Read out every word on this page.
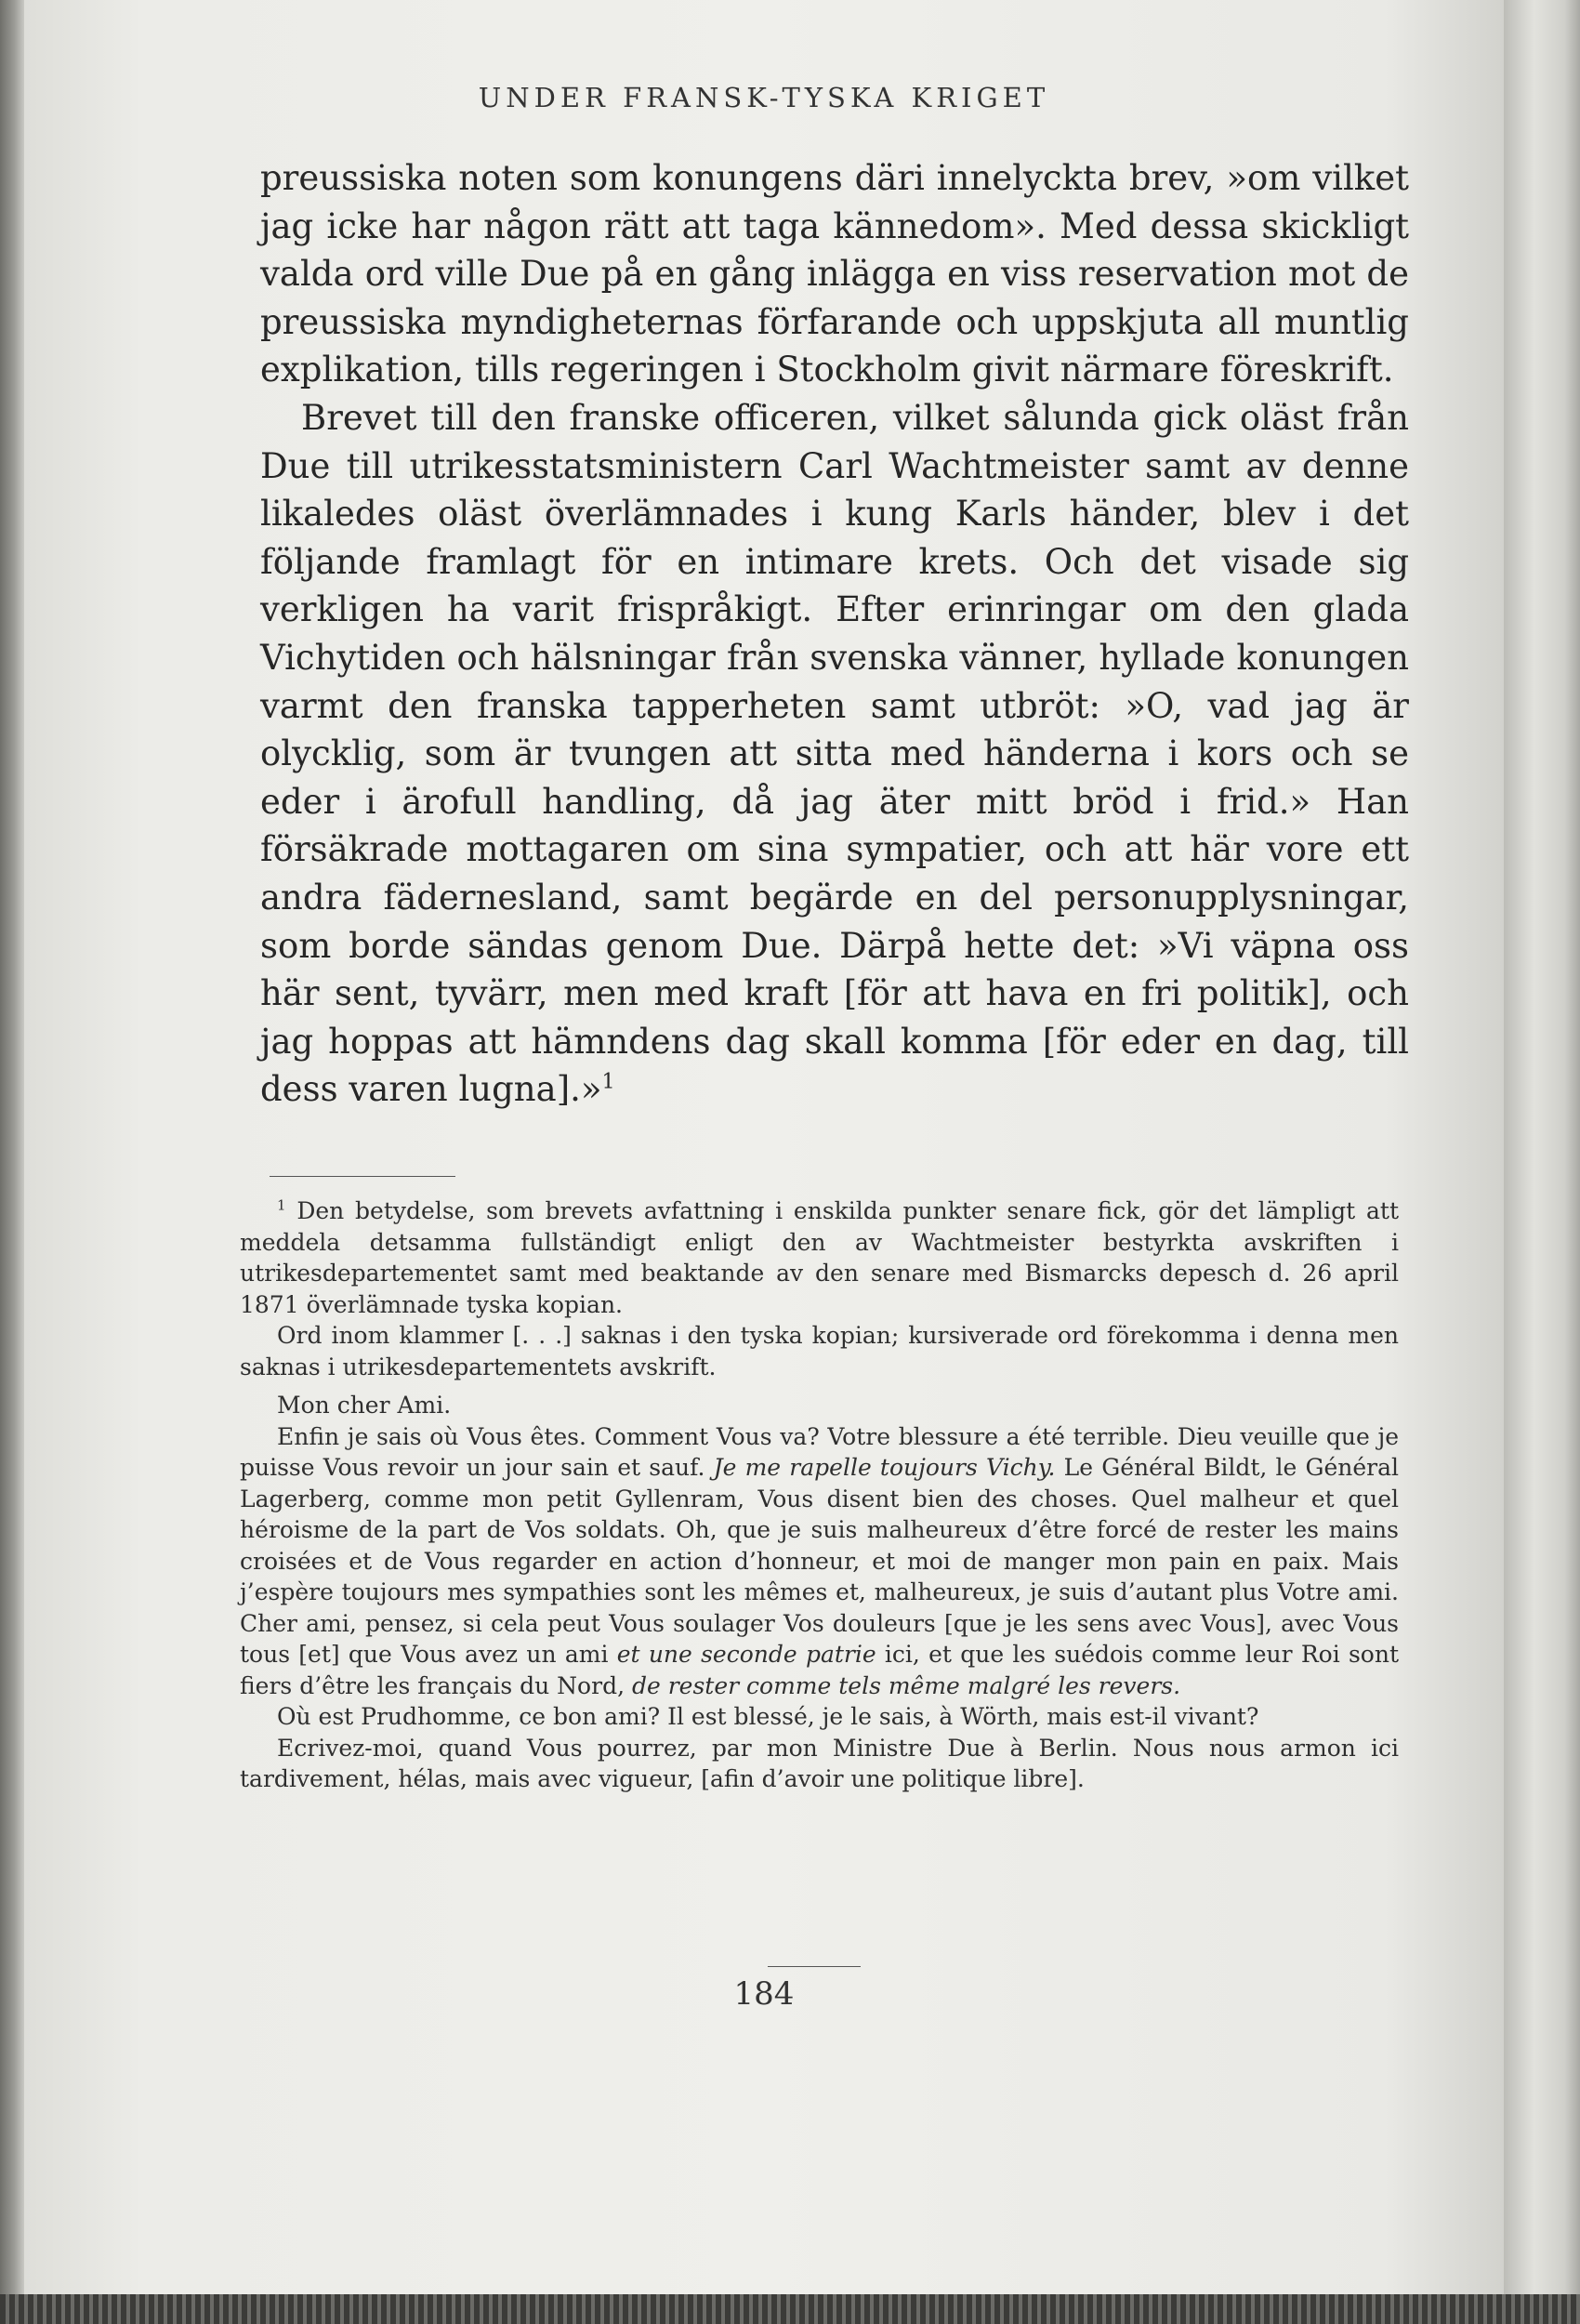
UNDER FRANSK-TYSKA KRIGET

preussiska noten som konungens däri innelyckta brev, »om vilket jag icke har någon rätt att taga kännedom». Med dessa skickligt valda ord ville Due på en gång inlägga en viss reservation mot de preussiska myndigheternas förfarande och uppskjuta all muntlig explikation, tills regeringen i Stockholm givit närmare föreskrift.

Brevet till den franske officeren, vilket sålunda gick oläst från Due till utrikesstatsministern Carl Wachtmeister samt av denne likaledes oläst överlämnades i kung Karls händer, blev i det följande framlagt för en intimare krets. Och det visade sig verkligen ha varit frispråkigt. Efter erinringar om den glada Vichytiden och hälsningar från svenska vänner, hyllade konungen varmt den franska tapperheten samt utbröt: »O, vad jag är olycklig, som är tvungen att sitta med händerna i kors och se eder i ärofull handling, då jag äter mitt bröd i frid.» Han försäkrade mottagaren om sina sympatier, och att här vore ett andra fädernesland, samt begärde en del personupplysningar, som borde sändas genom Due. Därpå hette det: »Vi väpna oss här sent, tyvärr, men med kraft [för att hava en fri politik], och jag hoppas att hämndens dag skall komma [för eder en dag, till dess varen lugna].»$^1$

$^1$ Den betydelse, som brevets avfattning i enskilda punkter senare fick, gör det lämpligt att meddela detsamma fullständigt enligt den av Wachtmeister bestyrkta avskriften i utrikesdepartementet samt med beaktande av den senare med Bismarcks depesch d. 26 april 1871 överlämnade tyska kopian.

Ord inom klammer [. . .] saknas i den tyska kopian; kursiverade ord förekomma i denna men saknas i utrikesdepartementets avskrift.

Mon cher Ami.

Enfin je sais où Vous êtes. Comment Vous va? Votre blessure a été terrible. Dieu veuille que je puisse Vous revoir un jour sain et sauf. Je me rapelle toujours Vichy. Le Général Bildt, le Général Lagerberg, comme mon petit Gyllenram, Vous disent bien des choses. Quel malheur et quel héroisme de la part de Vos soldats. Oh, que je suis malheureux d’être forcé de rester les mains croisées et de Vous regarder en action d’honneur, et moi de manger mon pain en paix. Mais j’espère toujours mes sympathies sont les mêmes et, malheureux, je suis d’autant plus Votre ami. Cher ami, pensez, si cela peut Vous soulager Vos douleurs [que je les sens avec Vous], avec Vous tous [et] que Vous avez un ami et une seconde patrie ici, et que les suédois comme leur Roi sont fiers d’être les français du Nord, de rester comme tels même malgré les revers.

Où est Prudhomme, ce bon ami? Il est blessé, je le sais, à Wörth, mais est-il vivant?

Ecrivez-moi, quand Vous pourrez, par mon Ministre Due à Berlin. Nous nous armon ici tardivement, hélas, mais avec vigueur, [afin d’avoir une politique libre].

184
